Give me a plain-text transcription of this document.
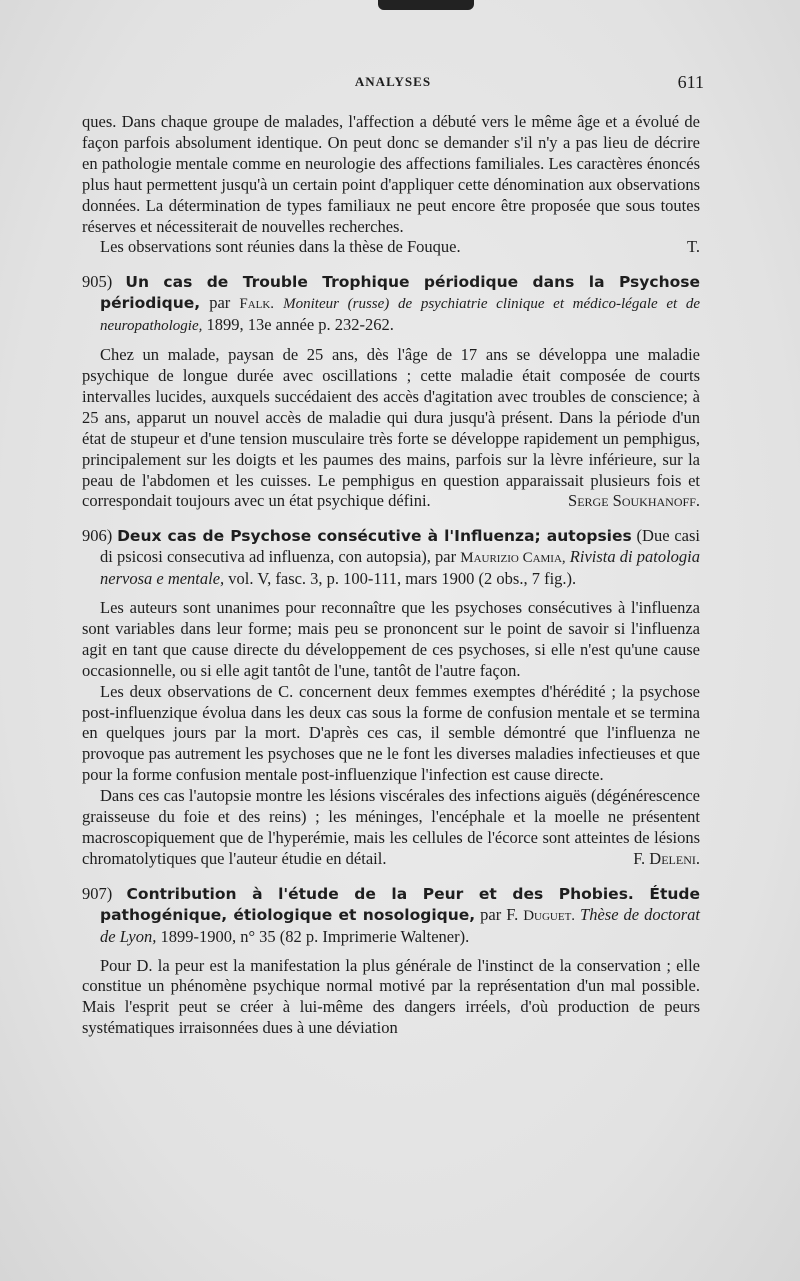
ANALYSES	611

ques. Dans chaque groupe de malades, l'affection a débuté vers le même âge et a évolué de façon parfois absolument identique. On peut donc se demander s'il n'y a pas lieu de décrire en pathologie mentale comme en neurologie des affections familiales. Les caractères énoncés plus haut permettent jusqu'à un certain point d'appliquer cette dénomination aux observations données. La détermination de types familiaux ne peut encore être proposée que sous toutes réserves et nécessiterait de nouvelles recherches.

Les observations sont réunies dans la thèse de Fouque.	T.

905) Un cas de Trouble Trophique périodique dans la Psychose périodique, par Falk. Moniteur (russe) de psychiatrie clinique et médico-légale et de neuropathologie, 1899, 13e année p. 232-262.

Chez un malade, paysan de 25 ans, dès l'âge de 17 ans se développa une maladie psychique de longue durée avec oscillations ; cette maladie était composée de courts intervalles lucides, auxquels succédaient des accès d'agitation avec troubles de conscience; à 25 ans, apparut un nouvel accès de maladie qui dura jusqu'à présent. Dans la période d'un état de stupeur et d'une tension musculaire très forte se développe rapidement un pemphigus, principalement sur les doigts et les paumes des mains, parfois sur la lèvre inférieure, sur la peau de l'abdomen et les cuisses. Le pemphigus en question apparaissait plusieurs fois et correspondait toujours avec un état psychique défini.	Serge Soukhanoff.

906) Deux cas de Psychose consécutive à l'Influenza; autopsies (Due casi di psicosi consecutiva ad influenza, con autopsia), par Maurizio Camia, Rivista di patologia nervosa e mentale, vol. V, fasc. 3, p. 100-111, mars 1900 (2 obs., 7 fig.).

Les auteurs sont unanimes pour reconnaître que les psychoses consécutives à l'influenza sont variables dans leur forme; mais peu se prononcent sur le point de savoir si l'influenza agit en tant que cause directe du développement de ces psychoses, si elle n'est qu'une cause occasionnelle, ou si elle agit tantôt de l'une, tantôt de l'autre façon.

Les deux observations de C. concernent deux femmes exemptes d'hérédité ; la psychose post-influenzique évolua dans les deux cas sous la forme de confusion mentale et se termina en quelques jours par la mort. D'après ces cas, il semble démontré que l'influenza ne provoque pas autrement les psychoses que ne le font les diverses maladies infectieuses et que pour la forme confusion mentale post-influenzique l'infection est cause directe.

Dans ces cas l'autopsie montre les lésions viscérales des infections aiguës (dégénérescence graisseuse du foie et des reins) ; les méninges, l'encéphale et la moelle ne présentent macroscopiquement que de l'hyperémie, mais les cellules de l'écorce sont atteintes de lésions chromatolytiques que l'auteur étudie en détail.	F. Deleni.

907) Contribution à l'étude de la Peur et des Phobies. Étude pathogénique, étiologique et nosologique, par F. Duguet. Thèse de doctorat de Lyon, 1899-1900, n° 35 (82 p. Imprimerie Waltener).

Pour D. la peur est la manifestation la plus générale de l'instinct de la conservation ; elle constitue un phénomène psychique normal motivé par la représentation d'un mal possible. Mais l'esprit peut se créer à lui-même des dangers irréels, d'où production de peurs systématiques irraisonnées dues à une déviation
